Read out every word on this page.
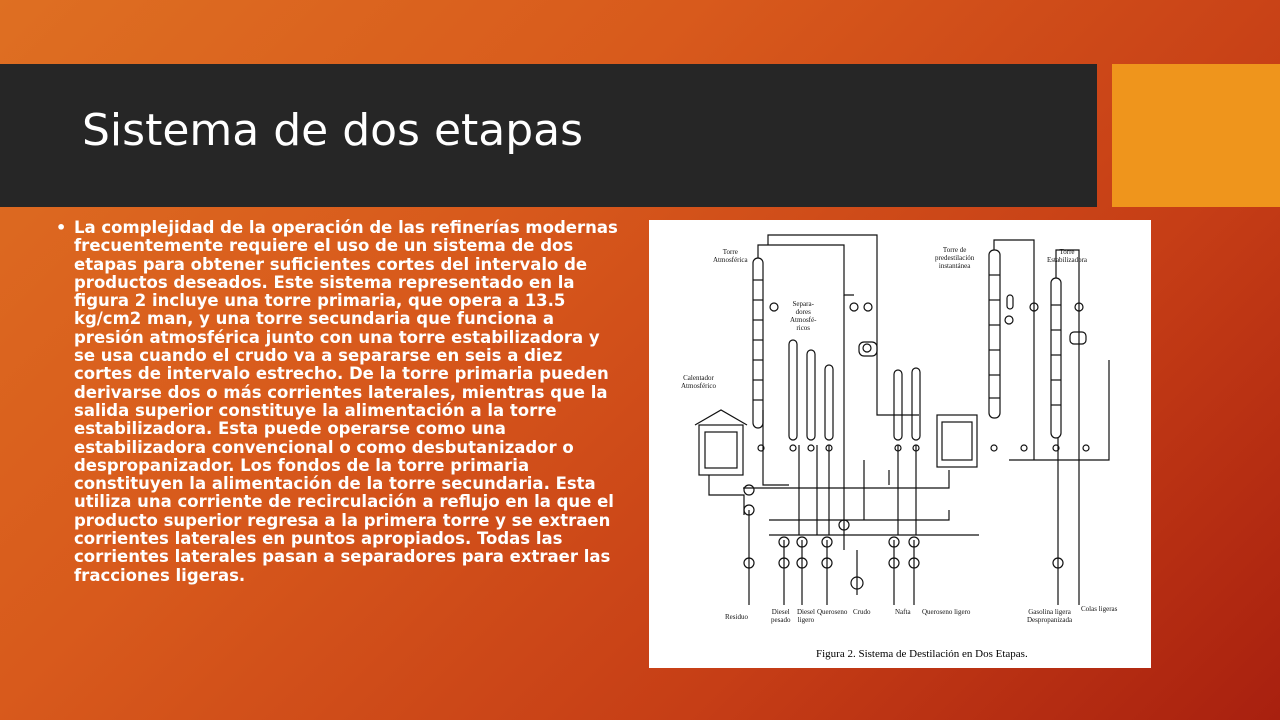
Sistema de dos etapas
• La complejidad de la operación de las refinerías modernas frecuentemente requiere el uso de un sistema de dos etapas para obtener suficientes cortes del intervalo de productos deseados. Este sistema representado en la figura 2 incluye una torre primaria, que opera a 13.5 kg/cm2 man, y una torre secundaria que funciona a presión atmosférica junto con una torre estabilizadora y se usa cuando el crudo va a separarse en seis a diez cortes de intervalo estrecho. De la torre primaria pueden derivarse dos o más corrientes laterales, mientras que la salida superior constituye la alimentación a la torre estabilizadora. Esta puede operarse como una estabilizadora convencional o como desbutanizador o despropanizador. Los fondos de la torre primaria constituyen la alimentación de la torre secundaria. Esta utiliza una corriente de recirculación a reflujo en la que el producto superior regresa a la primera torre y se extraen corrientes laterales en puntos apropiados. Todas las corrientes laterales pasan a separadores para extraer las fracciones ligeras.

Torre
Atmosférica
Separa-
dores
Atmosfé-
ricos
Calentador
Atmosférico
Torre de
predestilación
instantánea
Torre
Estabilizadora
Residuo
Diesel
pesado
Diesel
ligero
Queroseno Crudo	Nafta Queroseno ligero	Gasolina ligera
Despropanizada
Colas ligeras
Figura 2. Sistema de Destilación en Dos Etapas.
